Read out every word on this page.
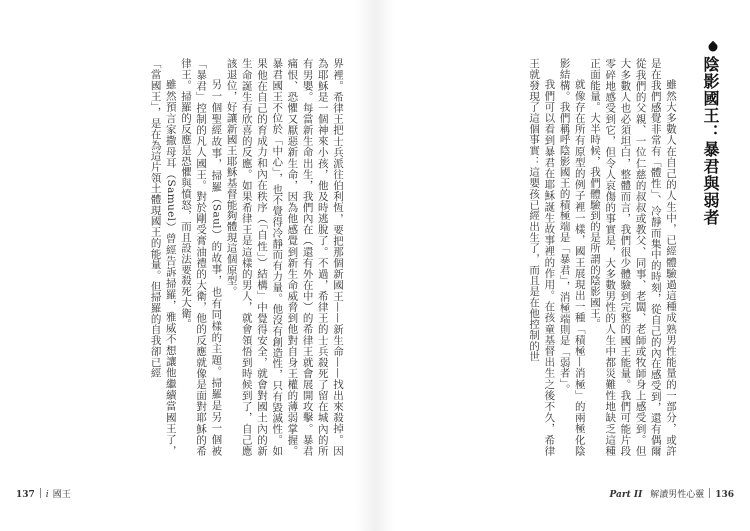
界裡。希律王把士兵派往伯利恆，要把那個新國王——新生命——找出來殺掉。因為耶穌是一個神來小孩，他及時逃脫了。不過，希律王的士兵殺死了留在城內的所有男嬰。每當新生命出生，我們內在（還有外在中）的希律王就會展開攻擊。暴君痛恨、恐懼又厭惡新生命，因為他感覺到新生命威脅到他對自身王權的薄弱掌握。暴君國王不位於「中心」，也不覺得冷靜而有力量。他沒有創造性，只有毀滅性。如果他在自己的育成力和內在秩序（「自性」）結構」中覺得安全，就會對國土內的新生命誕生有欣喜的反應。如果希律王是這樣的男人，就會領悟到時候到了，自己應該退位，好讓新國王耶穌基督能夠體現這個原型。

另一個聖經故事，掃羅（Saul）的故事，也有同樣的主題。掃羅是另一個被「暴君」控制的凡人國王。對於剛受膏油禮的大衛，他的反應就像是面對耶穌的希律王。掃羅的反應是恐懼與憤怒，而且設法要殺死大衛。

雖然預言家撒母耳（Samuel）曾經告訴掃羅，雅威不想讓他繼續當國王了，「當國王」，是在為這片領土體現國王的能量。但掃羅的自我卻已經

137 i 國王
陰影國王：暴君與弱者

雖然大多數人在自己的人生中，已經體驗過這種成熟男性能量的一部分，或許是在我們感覺非常有「體性」、冷靜而集中的時刻，從自己的內在感受到，還有偶爾從我們的父親、一位仁慈的叔叔或教父、同事、老闆、老師或牧師身上感受到。但大多數人也必須坦白，整體而言，我們很少體驗到完整的國王能量。我們可能片段零碎地感受到它，但令人哀傷的事實是，大多數男性的人生中都災難性地缺乏這種正面能量。大半時候，我們體驗到的是所謂的陰影國王。

就像存在所有原型的例子裡一樣，國王展現出一種「積極—消極」的兩極化陰影結構。我們稱呼陰影國王的積極端是「暴君」，消極端則是「弱者」。

我們可以看到暴君在耶穌誕生故事裡的作用。在孩童基督出生之後不久，希律王就發現了這個事實：這嬰孩已經出生了，而且是在他控制的世

Part II 解讀男性心靈 136
